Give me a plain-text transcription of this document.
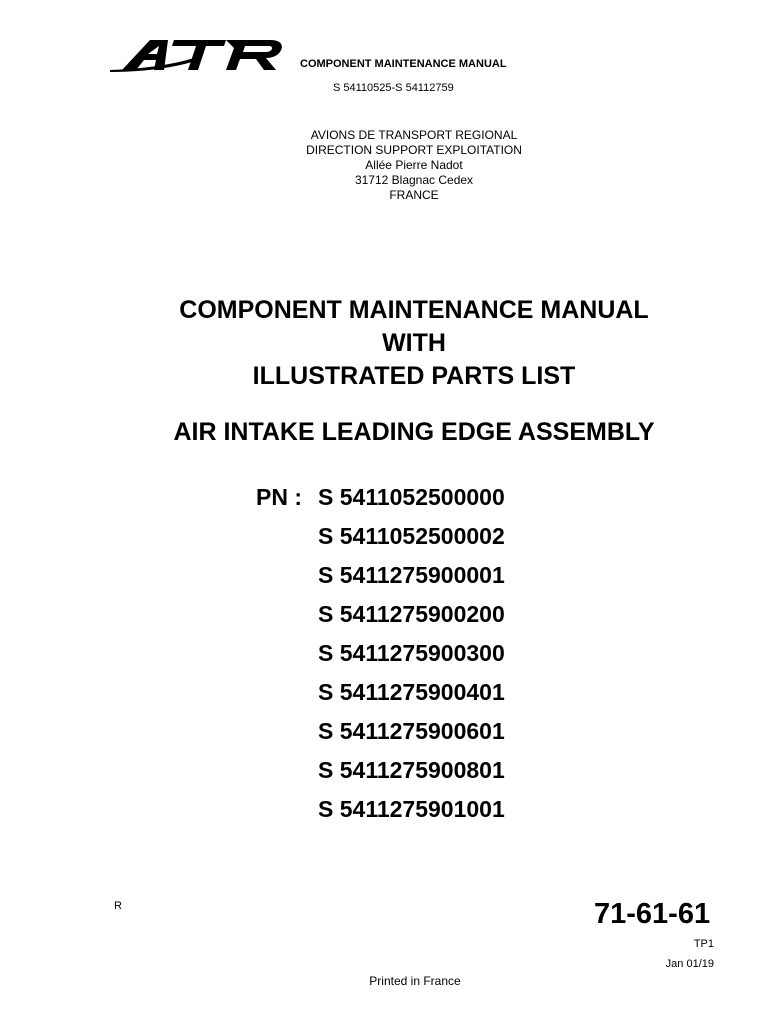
COMPONENT MAINTENANCE MANUAL
S 54110525-S 54112759
AVIONS DE TRANSPORT REGIONAL
DIRECTION SUPPORT EXPLOITATION
Allée Pierre Nadot
31712 Blagnac Cedex
FRANCE
COMPONENT MAINTENANCE MANUAL
WITH
ILLUSTRATED PARTS LIST
AIR INTAKE LEADING EDGE ASSEMBLY
PN : S 5411052500000
S 5411052500002
S 5411275900001
S 5411275900200
S 5411275900300
S 5411275900401
S 5411275900601
S 5411275900801
S 5411275901001
R	71-61-61
TP1
Jan 01/19
Printed in France
